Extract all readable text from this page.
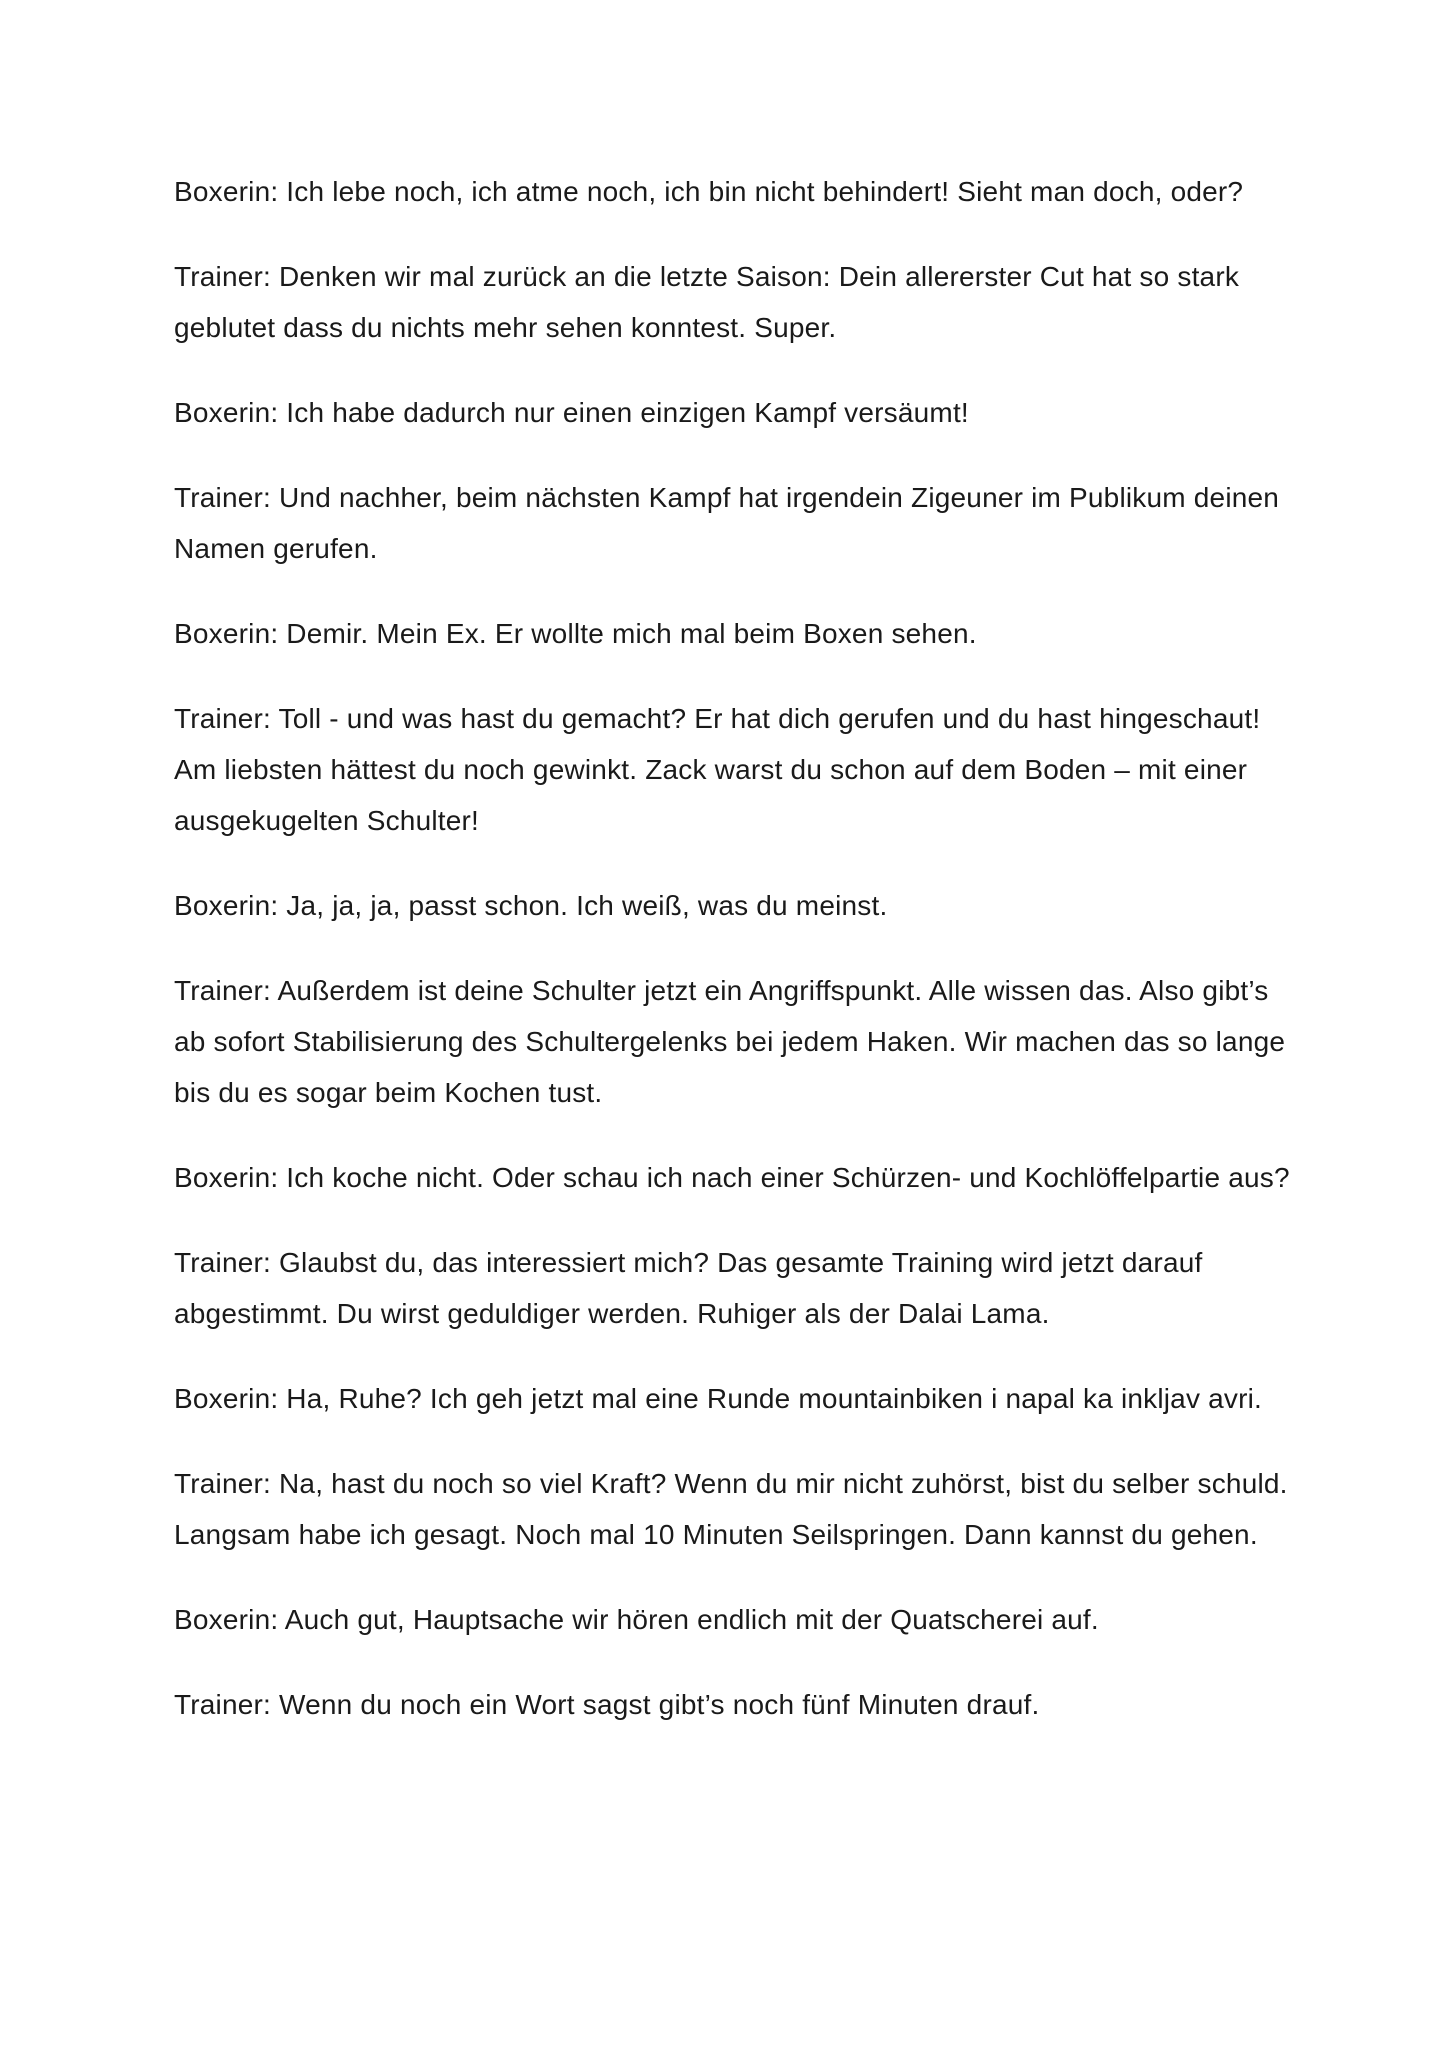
Boxerin: Ich lebe noch, ich atme noch, ich bin nicht behindert! Sieht man doch, oder?

Trainer: Denken wir mal zurück an die letzte Saison: Dein allererster Cut hat so stark geblutet dass du nichts mehr sehen konntest. Super.

Boxerin: Ich habe dadurch nur einen einzigen Kampf versäumt!

Trainer: Und nachher, beim nächsten Kampf hat irgendein Zigeuner im Publikum deinen Namen gerufen.

Boxerin: Demir. Mein Ex. Er wollte mich mal beim Boxen sehen.

Trainer: Toll - und was hast du gemacht? Er hat dich gerufen und du hast hingeschaut! Am liebsten hättest du noch gewinkt. Zack warst du schon auf dem Boden – mit einer ausgekugelten Schulter!

Boxerin: Ja, ja, ja, passt schon. Ich weiß, was du meinst.

Trainer: Außerdem ist deine Schulter jetzt ein Angriffspunkt. Alle wissen das. Also gibt’s ab sofort Stabilisierung des Schultergelenks bei jedem Haken. Wir machen das so lange bis du es sogar beim Kochen tust.

Boxerin: Ich koche nicht. Oder schau ich nach einer Schürzen- und Kochlöffelpartie aus?

Trainer: Glaubst du, das interessiert mich? Das gesamte Training wird jetzt darauf abgestimmt. Du wirst geduldiger werden. Ruhiger als der Dalai Lama.

Boxerin: Ha, Ruhe? Ich geh jetzt mal eine Runde mountainbiken i napal ka inkljav avri.

Trainer: Na, hast du noch so viel Kraft? Wenn du mir nicht zuhörst, bist du selber schuld. Langsam habe ich gesagt. Noch mal 10 Minuten Seilspringen. Dann kannst du gehen.

Boxerin: Auch gut, Hauptsache wir hören endlich mit der Quatscherei auf.

Trainer: Wenn du noch ein Wort sagst gibt’s noch fünf Minuten drauf.
